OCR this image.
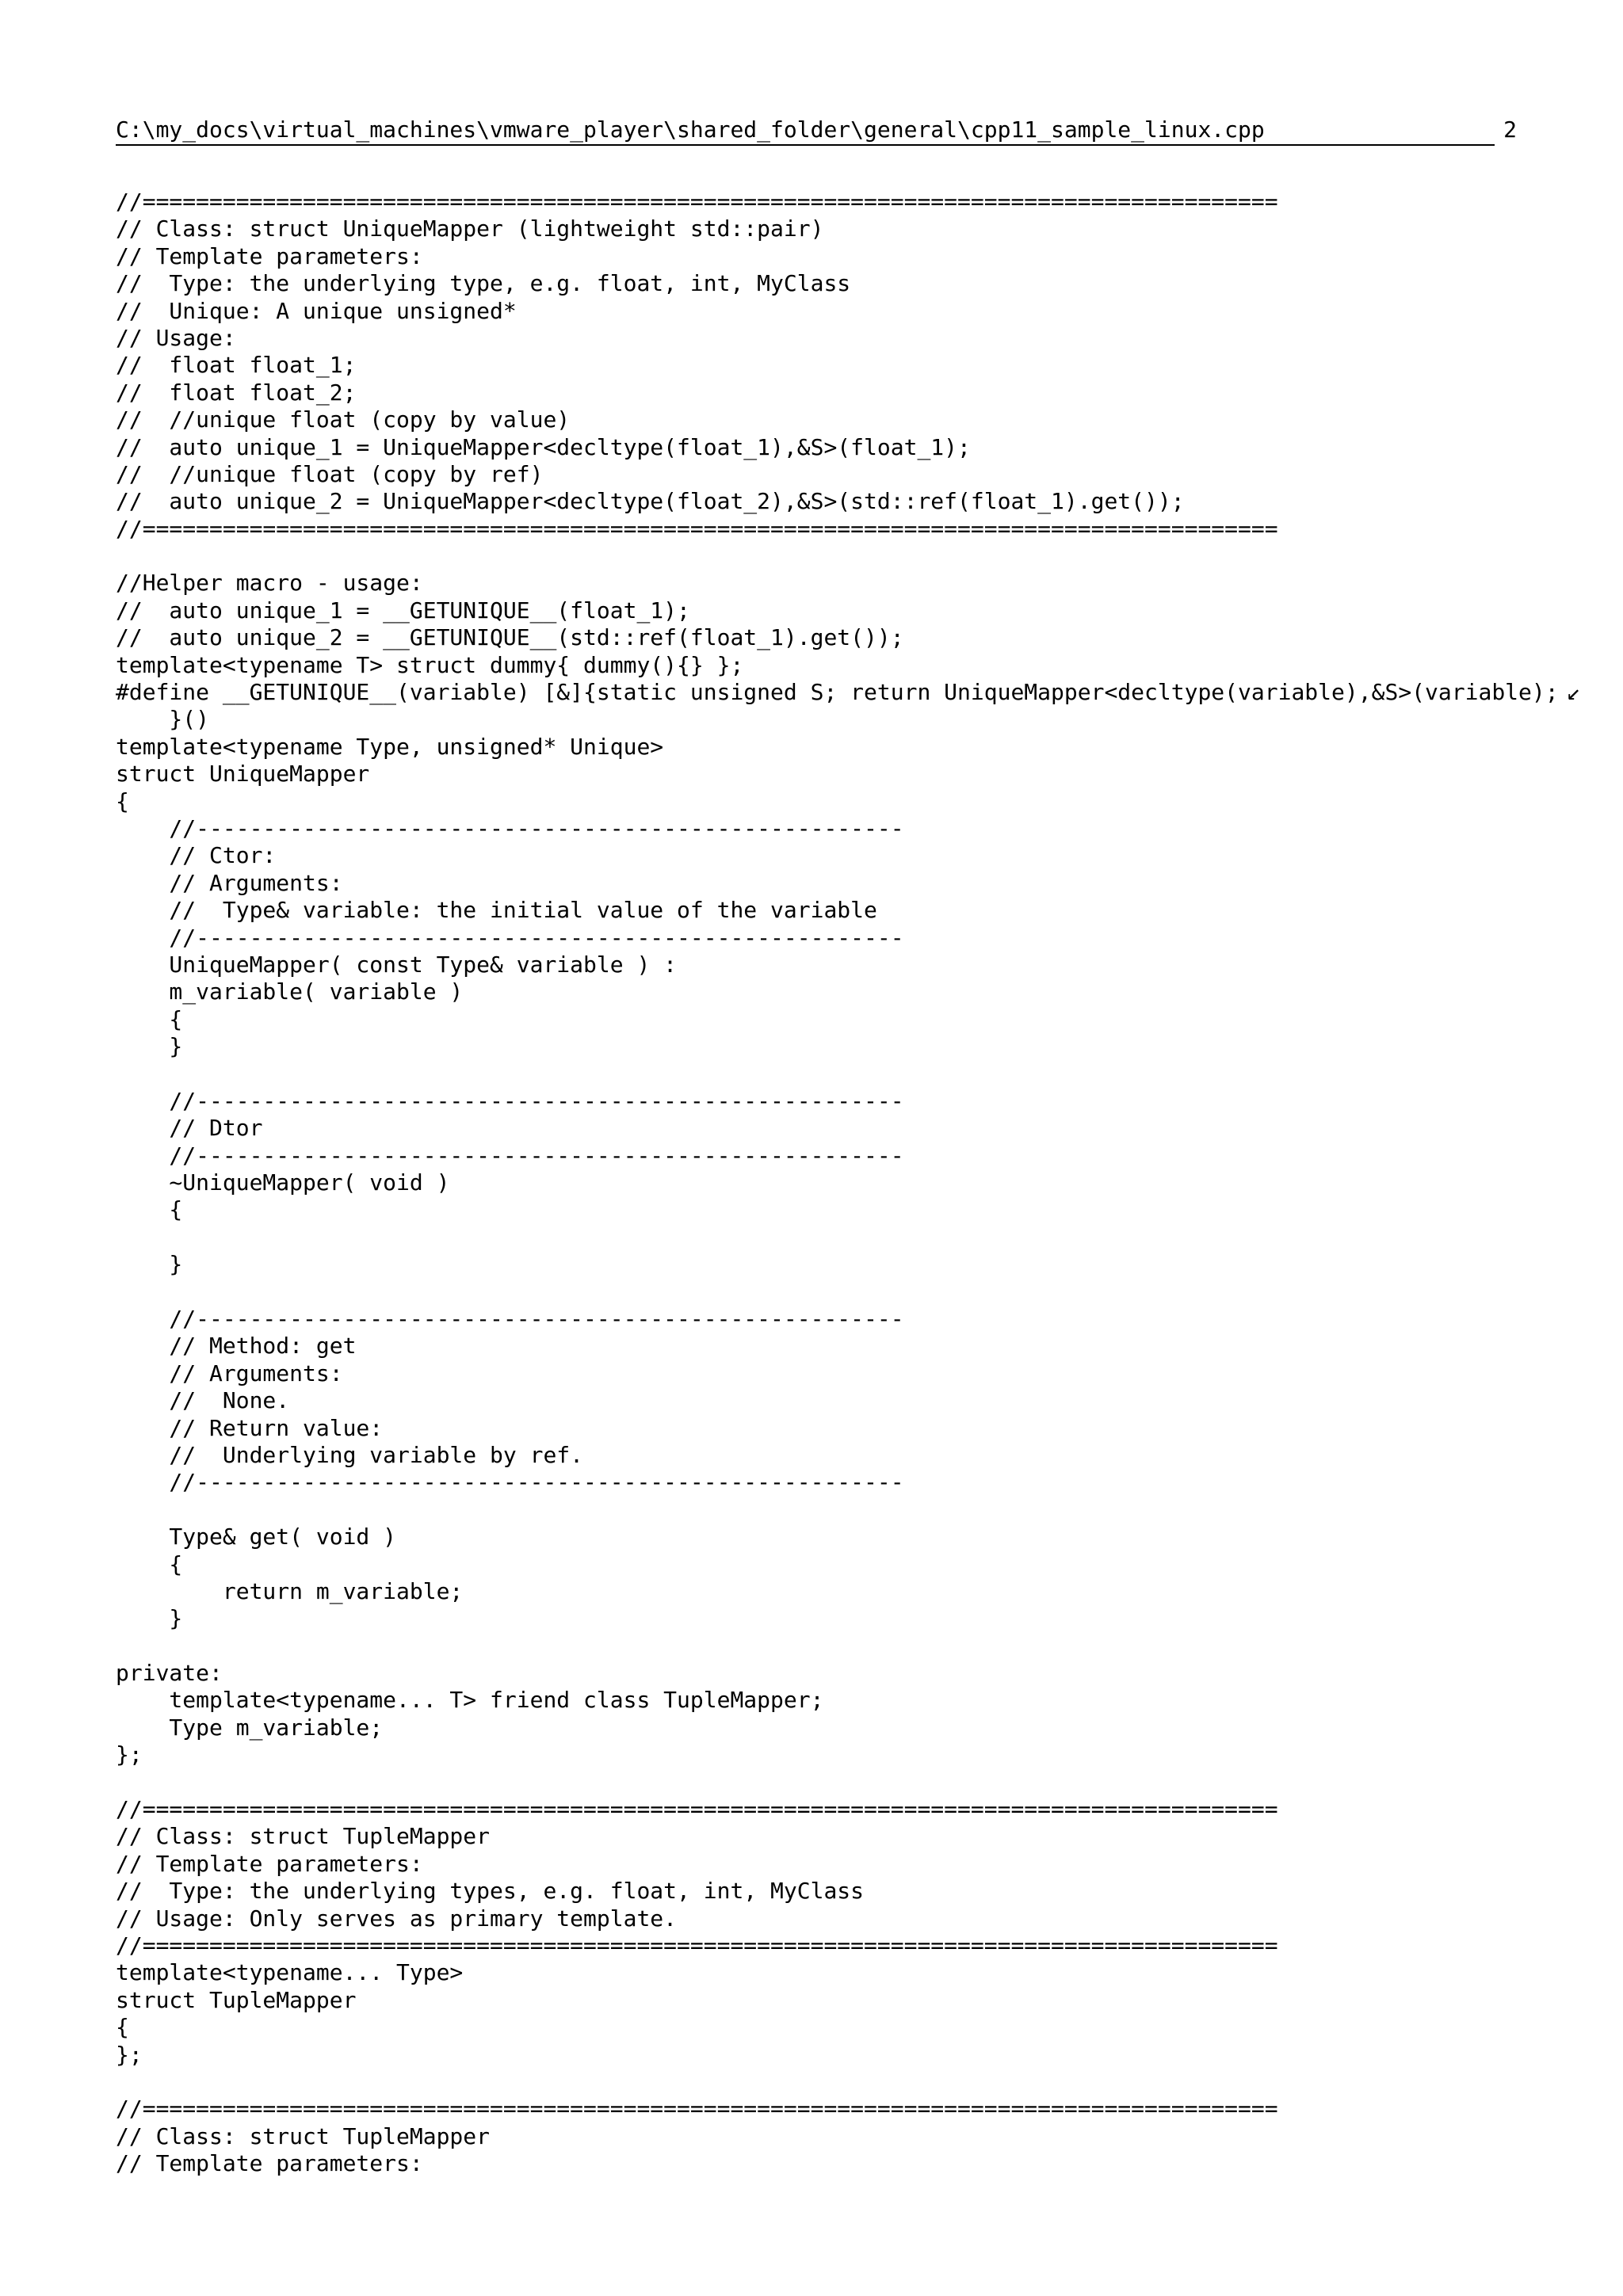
C:\my_docs\virtual_machines\vmware_player\shared_folder\general\cpp11_sample_linux.cpp	2
//=====================================================================================
// Class: struct UniqueMapper (lightweight std::pair)
// Template parameters:
//  Type: the underlying type, e.g. float, int, MyClass
//  Unique: A unique unsigned*
// Usage:
//  float float_1;
//  float float_2;
//  //unique float (copy by value)
//  auto unique_1 = UniqueMapper<decltype(float_1),&S>(float_1);
//  //unique float (copy by ref)
//  auto unique_2 = UniqueMapper<decltype(float_2),&S>(std::ref(float_1).get());
//=====================================================================================
//Helper macro - usage:
//  auto unique_1 = __GETUNIQUE__(float_1);
//  auto unique_2 = __GETUNIQUE__(std::ref(float_1).get());
template<typename T> struct dummy{ dummy(){} };
#define __GETUNIQUE__(variable) [&]{static unsigned S; return UniqueMapper<decltype(variable),&S>(variable); ↙
}()
template<typename Type, unsigned* Unique>
struct UniqueMapper
{
//-----------------------------------------------------
// Ctor:
// Arguments:
//  Type& variable: the initial value of the variable
//-----------------------------------------------------
UniqueMapper( const Type& variable ) :
m_variable( variable )
{
}
//-----------------------------------------------------
// Dtor
//-----------------------------------------------------
~UniqueMapper( void )
{
}
//-----------------------------------------------------
// Method: get
// Arguments:
//  None.
// Return value:
//  Underlying variable by ref.
//-----------------------------------------------------
Type& get( void )
{
return m_variable;
}
private:
template<typename... T> friend class TupleMapper;
Type m_variable;
};
//=====================================================================================
// Class: struct TupleMapper
// Template parameters:
//  Type: the underlying types, e.g. float, int, MyClass
// Usage: Only serves as primary template.
//=====================================================================================
template<typename... Type>
struct TupleMapper
{
};
//=====================================================================================
// Class: struct TupleMapper
// Template parameters:
